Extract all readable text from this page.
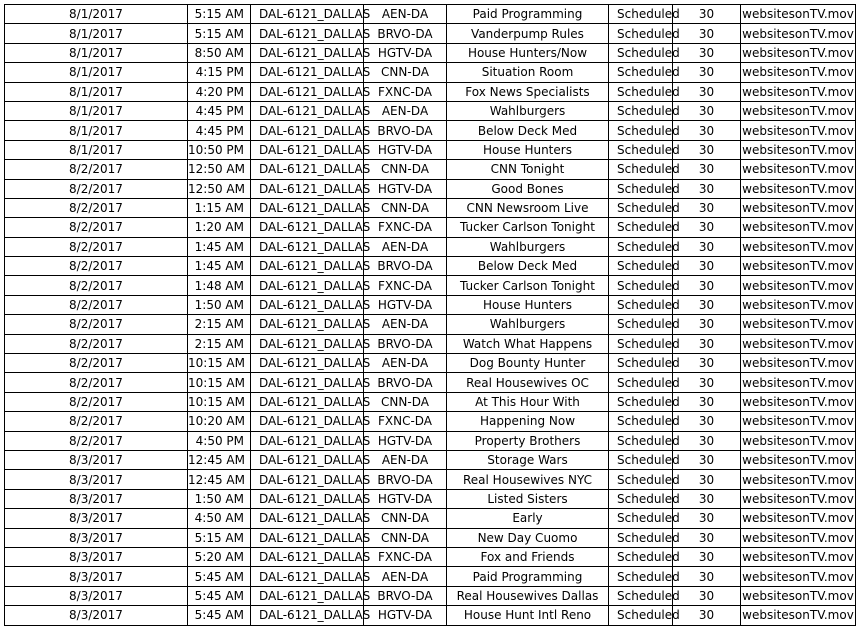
8/1/2017	5:15 AM	DAL-6121_DALLAS	AEN-DA	Paid Programming	Scheduled	30	websitesonTV.mov
8/1/2017	5:15 AM	DAL-6121_DALLAS	BRVO-DA	Vanderpump Rules	Scheduled	30	websitesonTV.mov
8/1/2017	8:50 AM	DAL-6121_DALLAS	HGTV-DA	House Hunters/Now	Scheduled	30	websitesonTV.mov
8/1/2017	4:15 PM	DAL-6121_DALLAS	CNN-DA	Situation Room	Scheduled	30	websitesonTV.mov
8/1/2017	4:20 PM	DAL-6121_DALLAS	FXNC-DA	Fox News Specialists	Scheduled	30	websitesonTV.mov
8/1/2017	4:45 PM	DAL-6121_DALLAS	AEN-DA	Wahlburgers	Scheduled	30	websitesonTV.mov
8/1/2017	4:45 PM	DAL-6121_DALLAS	BRVO-DA	Below Deck Med	Scheduled	30	websitesonTV.mov
8/1/2017	10:50 PM	DAL-6121_DALLAS	HGTV-DA	House Hunters	Scheduled	30	websitesonTV.mov
8/2/2017	12:50 AM	DAL-6121_DALLAS	CNN-DA	CNN Tonight	Scheduled	30	websitesonTV.mov
8/2/2017	12:50 AM	DAL-6121_DALLAS	HGTV-DA	Good Bones	Scheduled	30	websitesonTV.mov
8/2/2017	1:15 AM	DAL-6121_DALLAS	CNN-DA	CNN Newsroom Live	Scheduled	30	websitesonTV.mov
8/2/2017	1:20 AM	DAL-6121_DALLAS	FXNC-DA	Tucker Carlson Tonight	Scheduled	30	websitesonTV.mov
8/2/2017	1:45 AM	DAL-6121_DALLAS	AEN-DA	Wahlburgers	Scheduled	30	websitesonTV.mov
8/2/2017	1:45 AM	DAL-6121_DALLAS	BRVO-DA	Below Deck Med	Scheduled	30	websitesonTV.mov
8/2/2017	1:48 AM	DAL-6121_DALLAS	FXNC-DA	Tucker Carlson Tonight	Scheduled	30	websitesonTV.mov
8/2/2017	1:50 AM	DAL-6121_DALLAS	HGTV-DA	House Hunters	Scheduled	30	websitesonTV.mov
8/2/2017	2:15 AM	DAL-6121_DALLAS	AEN-DA	Wahlburgers	Scheduled	30	websitesonTV.mov
8/2/2017	2:15 AM	DAL-6121_DALLAS	BRVO-DA	Watch What Happens	Scheduled	30	websitesonTV.mov
8/2/2017	10:15 AM	DAL-6121_DALLAS	AEN-DA	Dog Bounty Hunter	Scheduled	30	websitesonTV.mov
8/2/2017	10:15 AM	DAL-6121_DALLAS	BRVO-DA	Real Housewives OC	Scheduled	30	websitesonTV.mov
8/2/2017	10:15 AM	DAL-6121_DALLAS	CNN-DA	At This Hour With	Scheduled	30	websitesonTV.mov
8/2/2017	10:20 AM	DAL-6121_DALLAS	FXNC-DA	Happening Now	Scheduled	30	websitesonTV.mov
8/2/2017	4:50 PM	DAL-6121_DALLAS	HGTV-DA	Property Brothers	Scheduled	30	websitesonTV.mov
8/3/2017	12:45 AM	DAL-6121_DALLAS	AEN-DA	Storage Wars	Scheduled	30	websitesonTV.mov
8/3/2017	12:45 AM	DAL-6121_DALLAS	BRVO-DA	Real Housewives NYC	Scheduled	30	websitesonTV.mov
8/3/2017	1:50 AM	DAL-6121_DALLAS	HGTV-DA	Listed Sisters	Scheduled	30	websitesonTV.mov
8/3/2017	4:50 AM	DAL-6121_DALLAS	CNN-DA	Early	Scheduled	30	websitesonTV.mov
8/3/2017	5:15 AM	DAL-6121_DALLAS	CNN-DA	New Day Cuomo	Scheduled	30	websitesonTV.mov
8/3/2017	5:20 AM	DAL-6121_DALLAS	FXNC-DA	Fox and Friends	Scheduled	30	websitesonTV.mov
8/3/2017	5:45 AM	DAL-6121_DALLAS	AEN-DA	Paid Programming	Scheduled	30	websitesonTV.mov
8/3/2017	5:45 AM	DAL-6121_DALLAS	BRVO-DA	Real Housewives Dallas	Scheduled	30	websitesonTV.mov
8/3/2017	5:45 AM	DAL-6121_DALLAS	HGTV-DA	House Hunt Intl Reno	Scheduled	30	websitesonTV.mov
